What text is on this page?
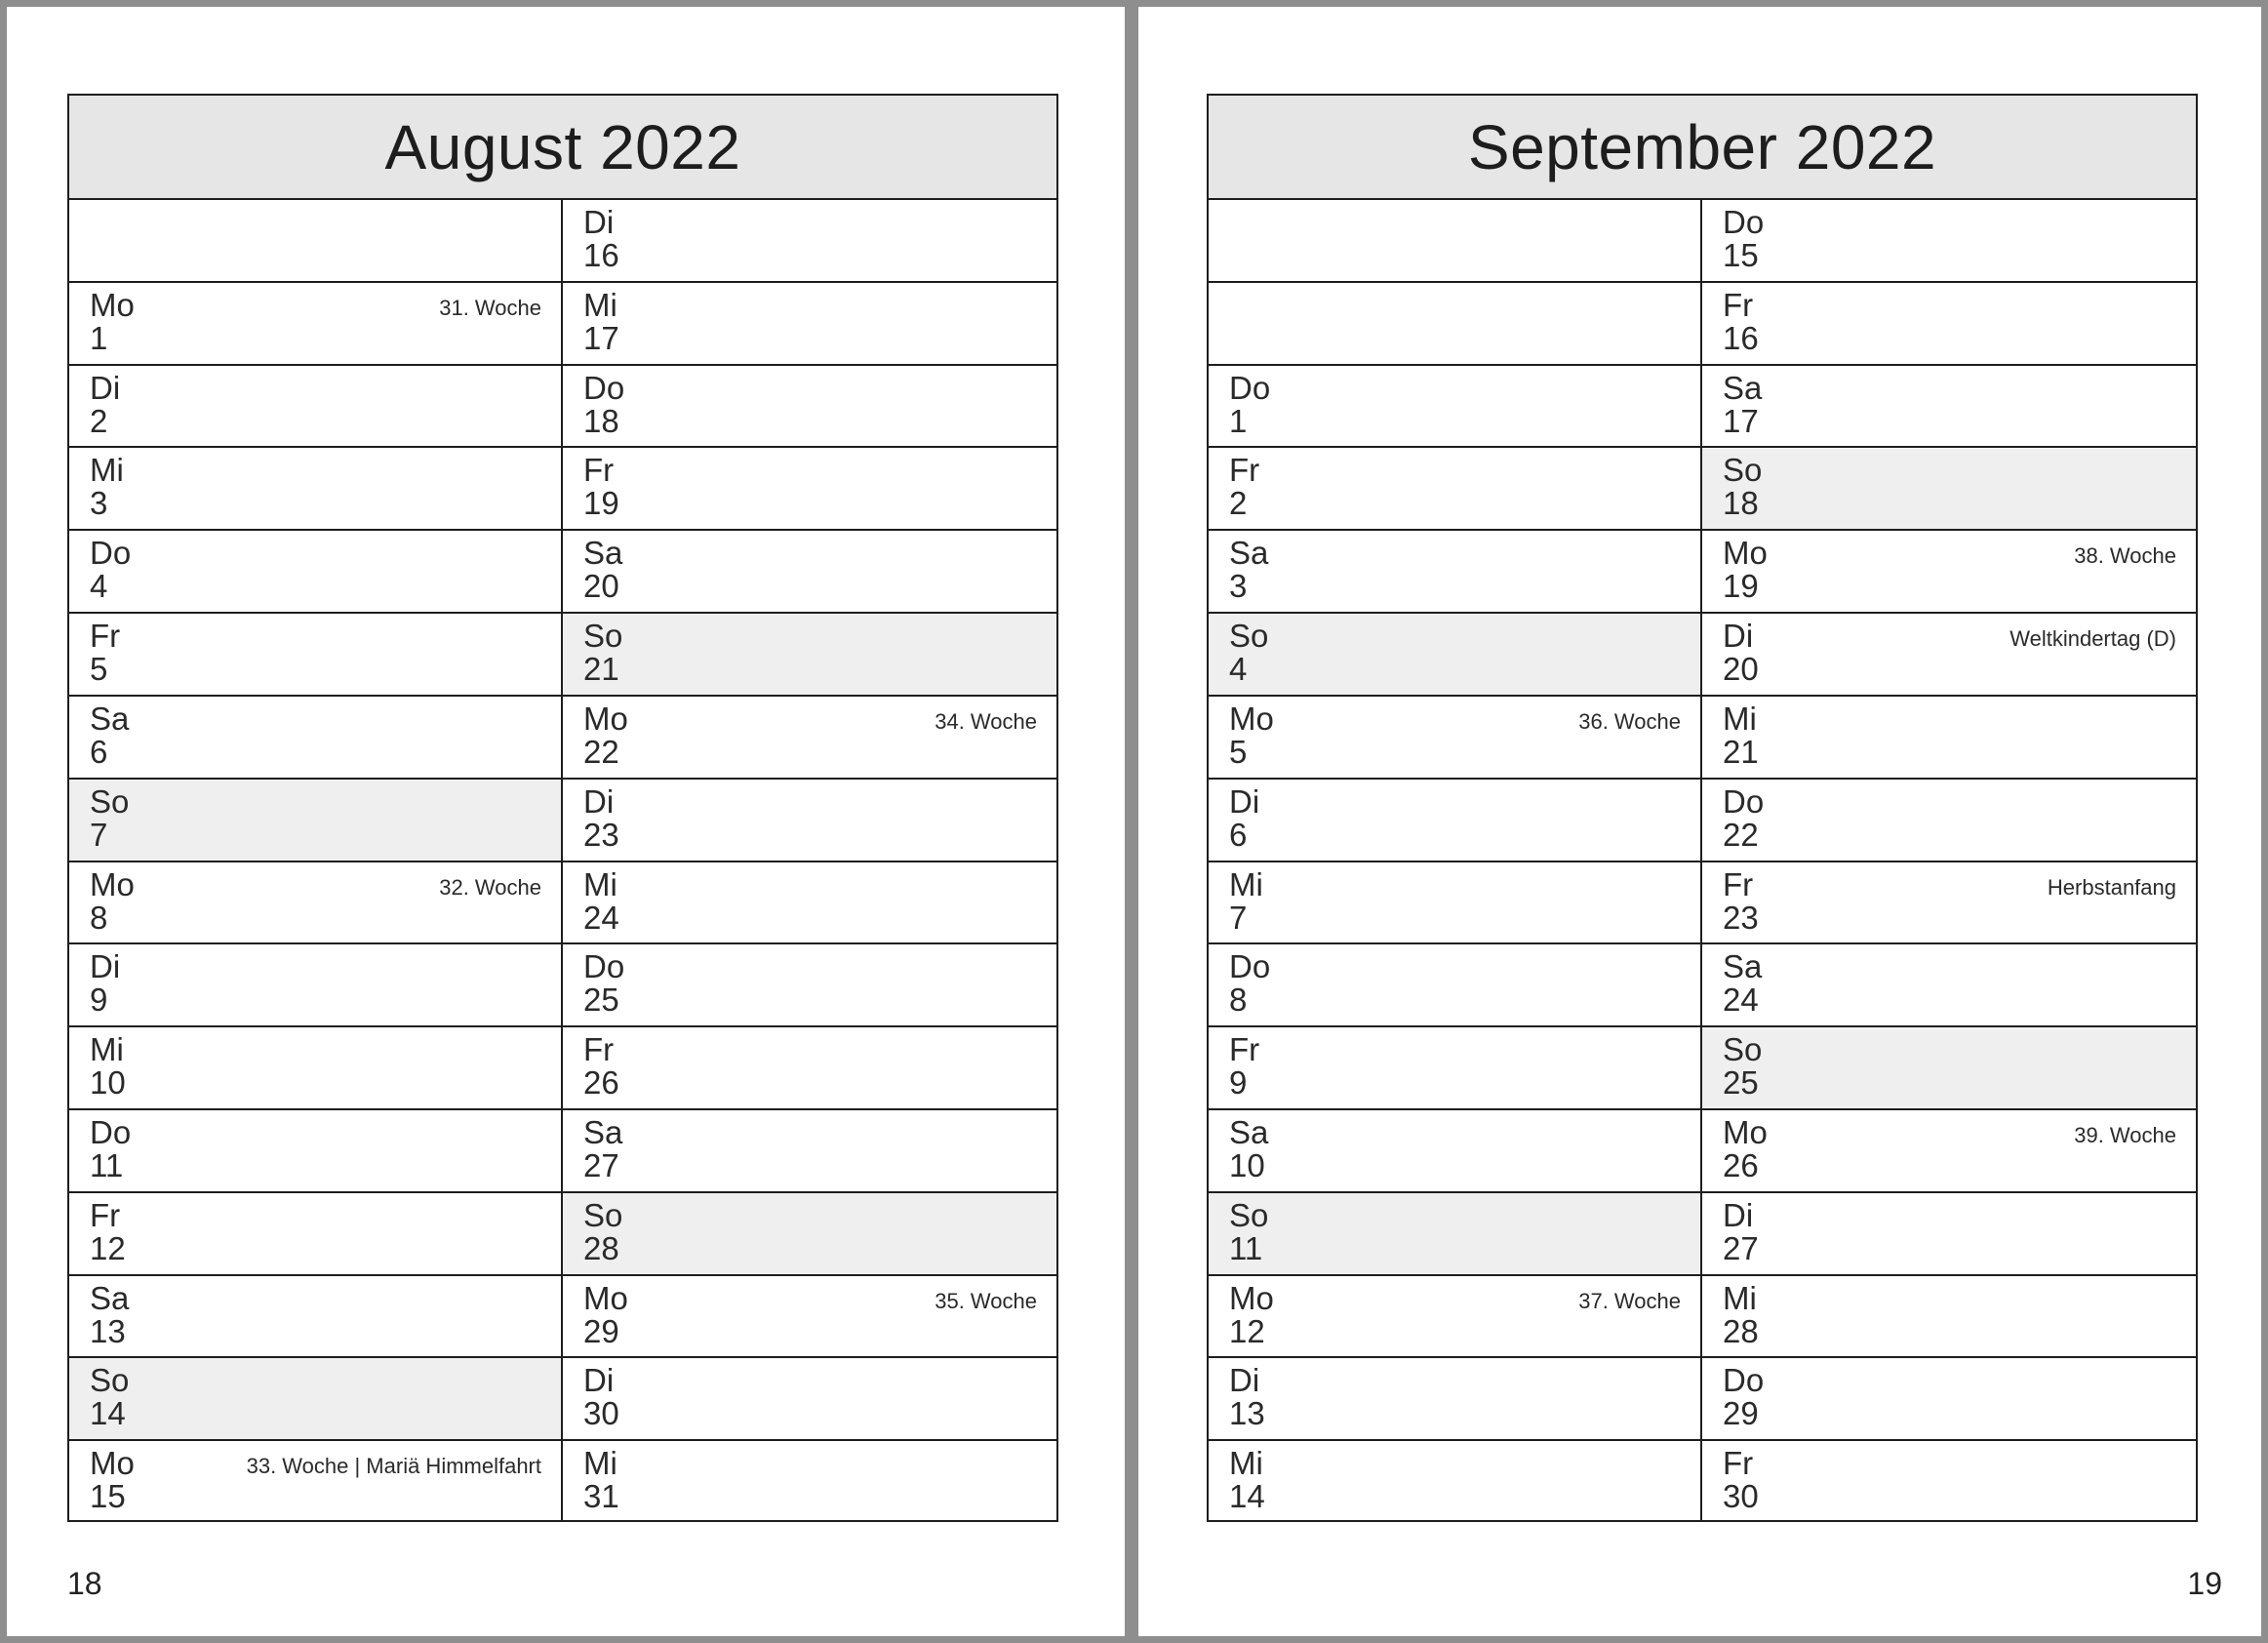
August 2022
Mo
1
31. Woche
Di
2
Mi
3
Do
4
Fr
5
Sa
6
So
7
Mo
8
32. Woche
Di
9
Mi
10
Do
11
Fr
12
Sa
13
So
14
Mo
15
33. Woche | Mariä Himmelfahrt
Di
16
Mi
17
Do
18
Fr
19
Sa
20
So
21
Mo
22
34. Woche
Di
23
Mi
24
Do
25
Fr
26
Sa
27
So
28
Mo
29
35. Woche
Di
30
Mi
31
18
September 2022
Do
1
Fr
2
Sa
3
So
4
Mo
5
36. Woche
Di
6
Mi
7
Do
8
Fr
9
Sa
10
So
11
Mo
12
37. Woche
Di
13
Mi
14
Do
15
Fr
16
Sa
17
So
18
Mo
19
38. Woche
Di
20
Weltkindertag (D)
Mi
21
Do
22
Fr
23
Herbstanfang
Sa
24
So
25
Mo
26
39. Woche
Di
27
Mi
28
Do
29
Fr
30
19
